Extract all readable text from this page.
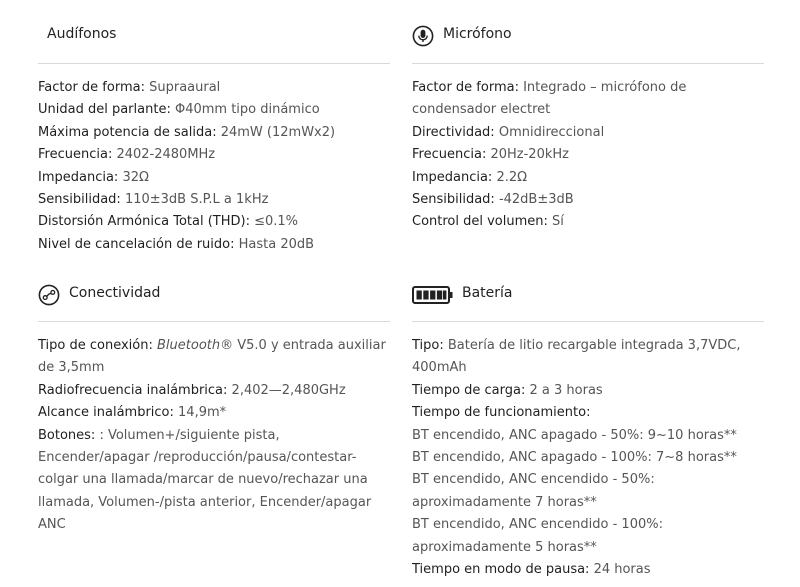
Audífonos
Factor de forma: Supraaural
Unidad del parlante: Φ40mm tipo dinámico
Máxima potencia de salida: 24mW (12mWx2)
Frecuencia: 2402-2480MHz
Impedancia: 32Ω
Sensibilidad: 110±3dB S.P.L a 1kHz
Distorsión Armónica Total (THD): ≤0.1%
Nivel de cancelación de ruido: Hasta 20dB
Micrófono
Factor de forma: Integrado – micrófono de condensador electret
Directividad: Omnidireccional
Frecuencia: 20Hz-20kHz
Impedancia: 2.2Ω
Sensibilidad: -42dB±3dB
Control del volumen: Sí
Conectividad
Tipo de conexión: Bluetooth® V5.0 y entrada auxiliar de 3,5mm
Radiofrecuencia inalámbrica: 2,402—2,480GHz
Alcance inalámbrico: 14,9m*
Botones: : Volumen+/siguiente pista, Encender/apagar /reproducción/pausa/contestar-colgar una llamada/marcar de nuevo/rechazar una llamada, Volumen-/pista anterior, Encender/apagar ANC
Batería
Tipo: Batería de litio recargable integrada 3,7VDC, 400mAh
Tiempo de carga: 2 a 3 horas
Tiempo de funcionamiento:
BT encendido, ANC apagado - 50%: 9~10 horas**
BT encendido, ANC apagado - 100%: 7~8 horas**
BT encendido, ANC encendido - 50%: aproximadamente 7 horas**
BT encendido, ANC encendido - 100%: aproximadamente 5 horas**
Tiempo en modo de pausa: 24 horas
